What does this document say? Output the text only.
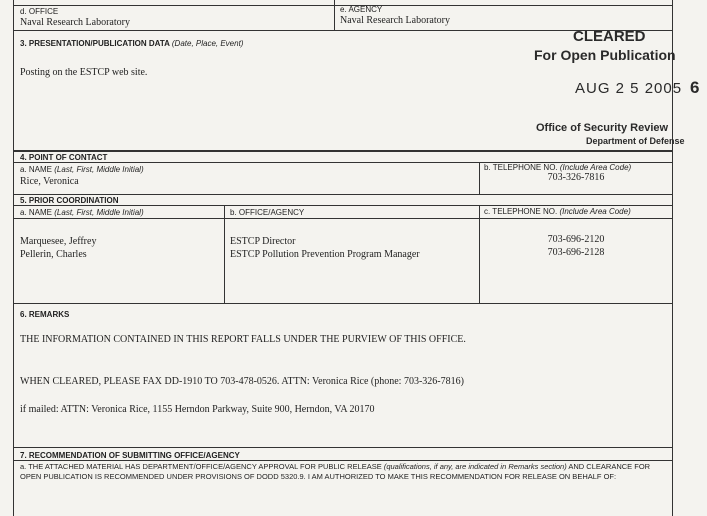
d. OFFICE
Naval Research Laboratory
e. AGENCY
Naval Research Laboratory
3. PRESENTATION/PUBLICATION DATA (Date, Place, Event)
Posting on the ESTCP web site.
4. POINT OF CONTACT
a. NAME (Last, First, Middle Initial)
Rice, Veronica
b. TELEPHONE NO. (Include Area Code)
703-326-7816
5. PRIOR COORDINATION
a. NAME (Last, First, Middle Initial)	b. OFFICE/AGENCY	c. TELEPHONE NO. (Include Area Code)
Marquesee, Jeffrey	ESTCP Director	703-696-2120
Pellerin, Charles	ESTCP Pollution Prevention Program Manager	703-696-2128
6. REMARKS
THE INFORMATION CONTAINED IN THIS REPORT FALLS UNDER THE PURVIEW OF THIS OFFICE.
WHEN CLEARED, PLEASE FAX DD-1910 TO 703-478-0526. ATTN: Veronica Rice (phone: 703-326-7816)
if mailed: ATTN: Veronica Rice, 1155 Herndon Parkway, Suite 900, Herndon, VA 20170
7. RECOMMENDATION OF SUBMITTING OFFICE/AGENCY
a. THE ATTACHED MATERIAL HAS DEPARTMENT/OFFICE/AGENCY APPROVAL FOR PUBLIC RELEASE (qualifications, if any, are indicated in Remarks section) AND CLEARANCE FOR OPEN PUBLICATION IS RECOMMENDED UNDER PROVISIONS OF DODD 5320.9. I AM AUTHORIZED TO MAKE THIS RECOMMENDATION FOR RELEASE ON BEHALF OF:
CLEARED
For Open Publication
AUG 2 5 2005 6
Office of Security Review
Department of Defense
